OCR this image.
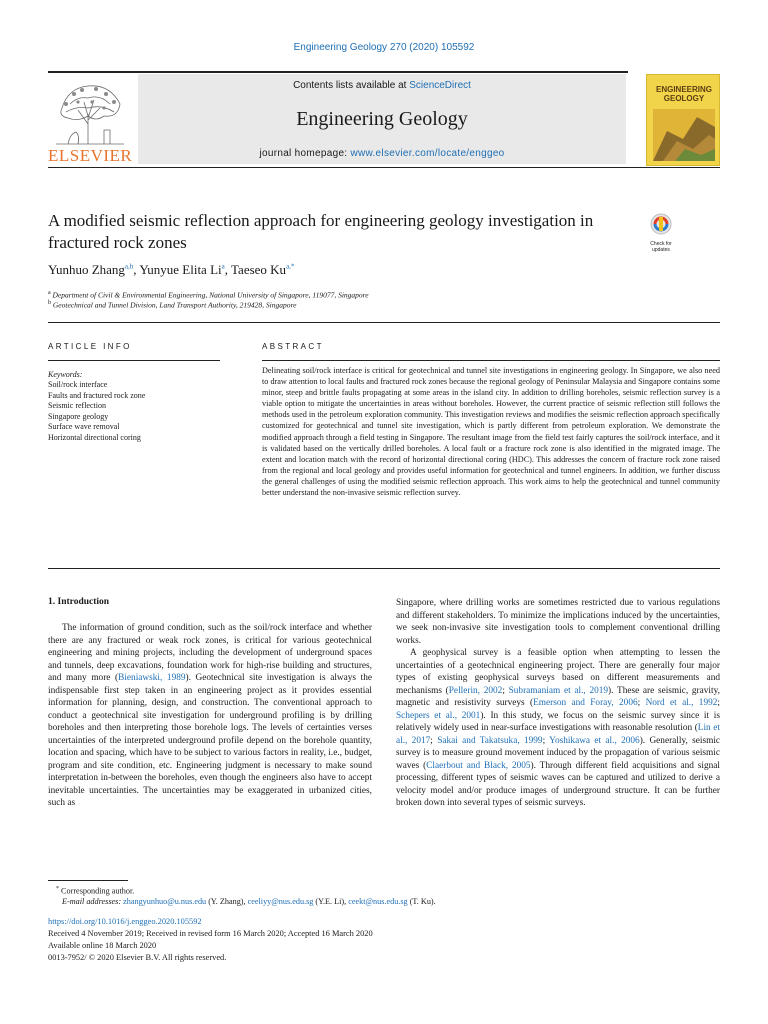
Engineering Geology 270 (2020) 105592
ELSEVIER
Contents lists available at ScienceDirect
Engineering Geology
journal homepage: www.elsevier.com/locate/enggeo
ENGINEERING GEOLOGY
A modified seismic reflection approach for engineering geology investigation in fractured rock zones	Check for updates
Yunhuo Zhang$^{a,b}$, Yunyue Elita Li$^a$, Taeseo $Ku^{a,*}$
$^a$ Department of Civil & Environmental Engineering, National University of Singapore, 119077, Singapore
$^b$ Geotechnical and Tunnel Division, Land Transport Authority, 219428, Singapore
ARTICLE INFO	ABSTRACT
Keywords:
Soil/rock interface
Faults and fractured rock zone
Seismic reflection
Singapore geology
Surface wave removal
Horizontal directional coring
Delineating soil/rock interface is critical for geotechnical and tunnel site investigations in engineering geology. In Singapore, we also need to draw attention to local faults and fractured rock zones because the regional geology of Peninsular Malaysia and Singapore contains some minor, steep and brittle faults propagating at some areas in the island city. In addition to drilling boreholes, seismic reflection survey is a viable option to mitigate the uncertainties in areas without boreholes. However, the current practice of seismic reflection still follows the methods used in the petroleum exploration community. This investigation reviews and modifies the seismic reflection approach specifically customized for geotechnical and tunnel site investigation, which is partly different from petroleum exploration. We demonstrate the modified approach through a field testing in Singapore. The resultant image from the field test fairly captures the soil/rock interface, and it is validated based on the vertically drilled boreholes. A local fault or a fracture rock zone is also identified in the migrated image. The extent and location match with the record of horizontal directional coring (HDC). This addresses the concern of fracture rock zone raised from the regional and local geology and provides useful information for geotechnical and tunnel engineers. In addition, we further discuss the general challenges of using the modified seismic reflection approach. This work aims to help the geotechnical and tunnel community better understand the non-invasive seismic reflection survey.
1. Introduction

The information of ground condition, such as the soil/rock interface and whether there are any fractured or weak rock zones, is critical for various geotechnical engineering and mining projects, including the development of underground spaces and tunnels, deep excavations, foundation work for high-rise building and structures, and many more (Bieniawski, 1989). Geotechnical site investigation is always the indispensable first step taken in an engineering project as it provides essential information for planning, design, and construction. The conventional approach to conduct a geotechnical site investigation for underground profiling is by drilling boreholes and then interpreting those borehole logs. The levels of certainties verses uncertainties of the interpreted underground profile depend on the borehole quantity, location and spacing, which have to be subject to various factors in reality, i.e., budget, program and site condition, etc. Engineering judgment is necessary to make sound interpretation in-between the boreholes, even though the engineers also have to accept inevitable uncertainties. The uncertainties may be exaggerated in urbanized cities, such as

Singapore, where drilling works are sometimes restricted due to various regulations and different stakeholders. To minimize the implications induced by the uncertainties, we seek non-invasive site investigation tools to complement conventional drilling works.

A geophysical survey is a feasible option when attempting to lessen the uncertainties of a geotechnical engineering project. There are generally four major types of existing geophysical surveys based on different measurements and mechanisms (Pellerin, 2002; Subramaniam et al., 2019). These are seismic, gravity, magnetic and resistivity surveys (Emerson and Foray, 2006; Nord et al., 1992; Schepers et al., 2001). In this study, we focus on the seismic survey since it is relatively widely used in near-surface investigations with reasonable resolution (Lin et al., 2017; Sakai and Takatsuka, 1999; Yoshikawa et al., 2006). Generally, seismic survey is to measure ground movement induced by the propagation of various seismic waves (Claerbout and Black, 2005). Through different field acquisitions and signal processing, different types of seismic waves can be captured and utilized to derive a velocity model and/or produce images of underground structure. It can be further broken down into several types of seismic surveys.

* Corresponding author.
E-mail addresses: zhangyunhuo@u.nus.edu (Y. Zhang), ceeliyy@nus.edu.sg (Y.E. Li), ceekt@nus.edu.sg (T. Ku).
https://doi.org/10.1016/j.enggeo.2020.105592
Received 4 November 2019; Received in revised form 16 March 2020; Accepted 16 March 2020
Available online 18 March 2020
0013-7952/ © 2020 Elsevier B.V. All rights reserved.
